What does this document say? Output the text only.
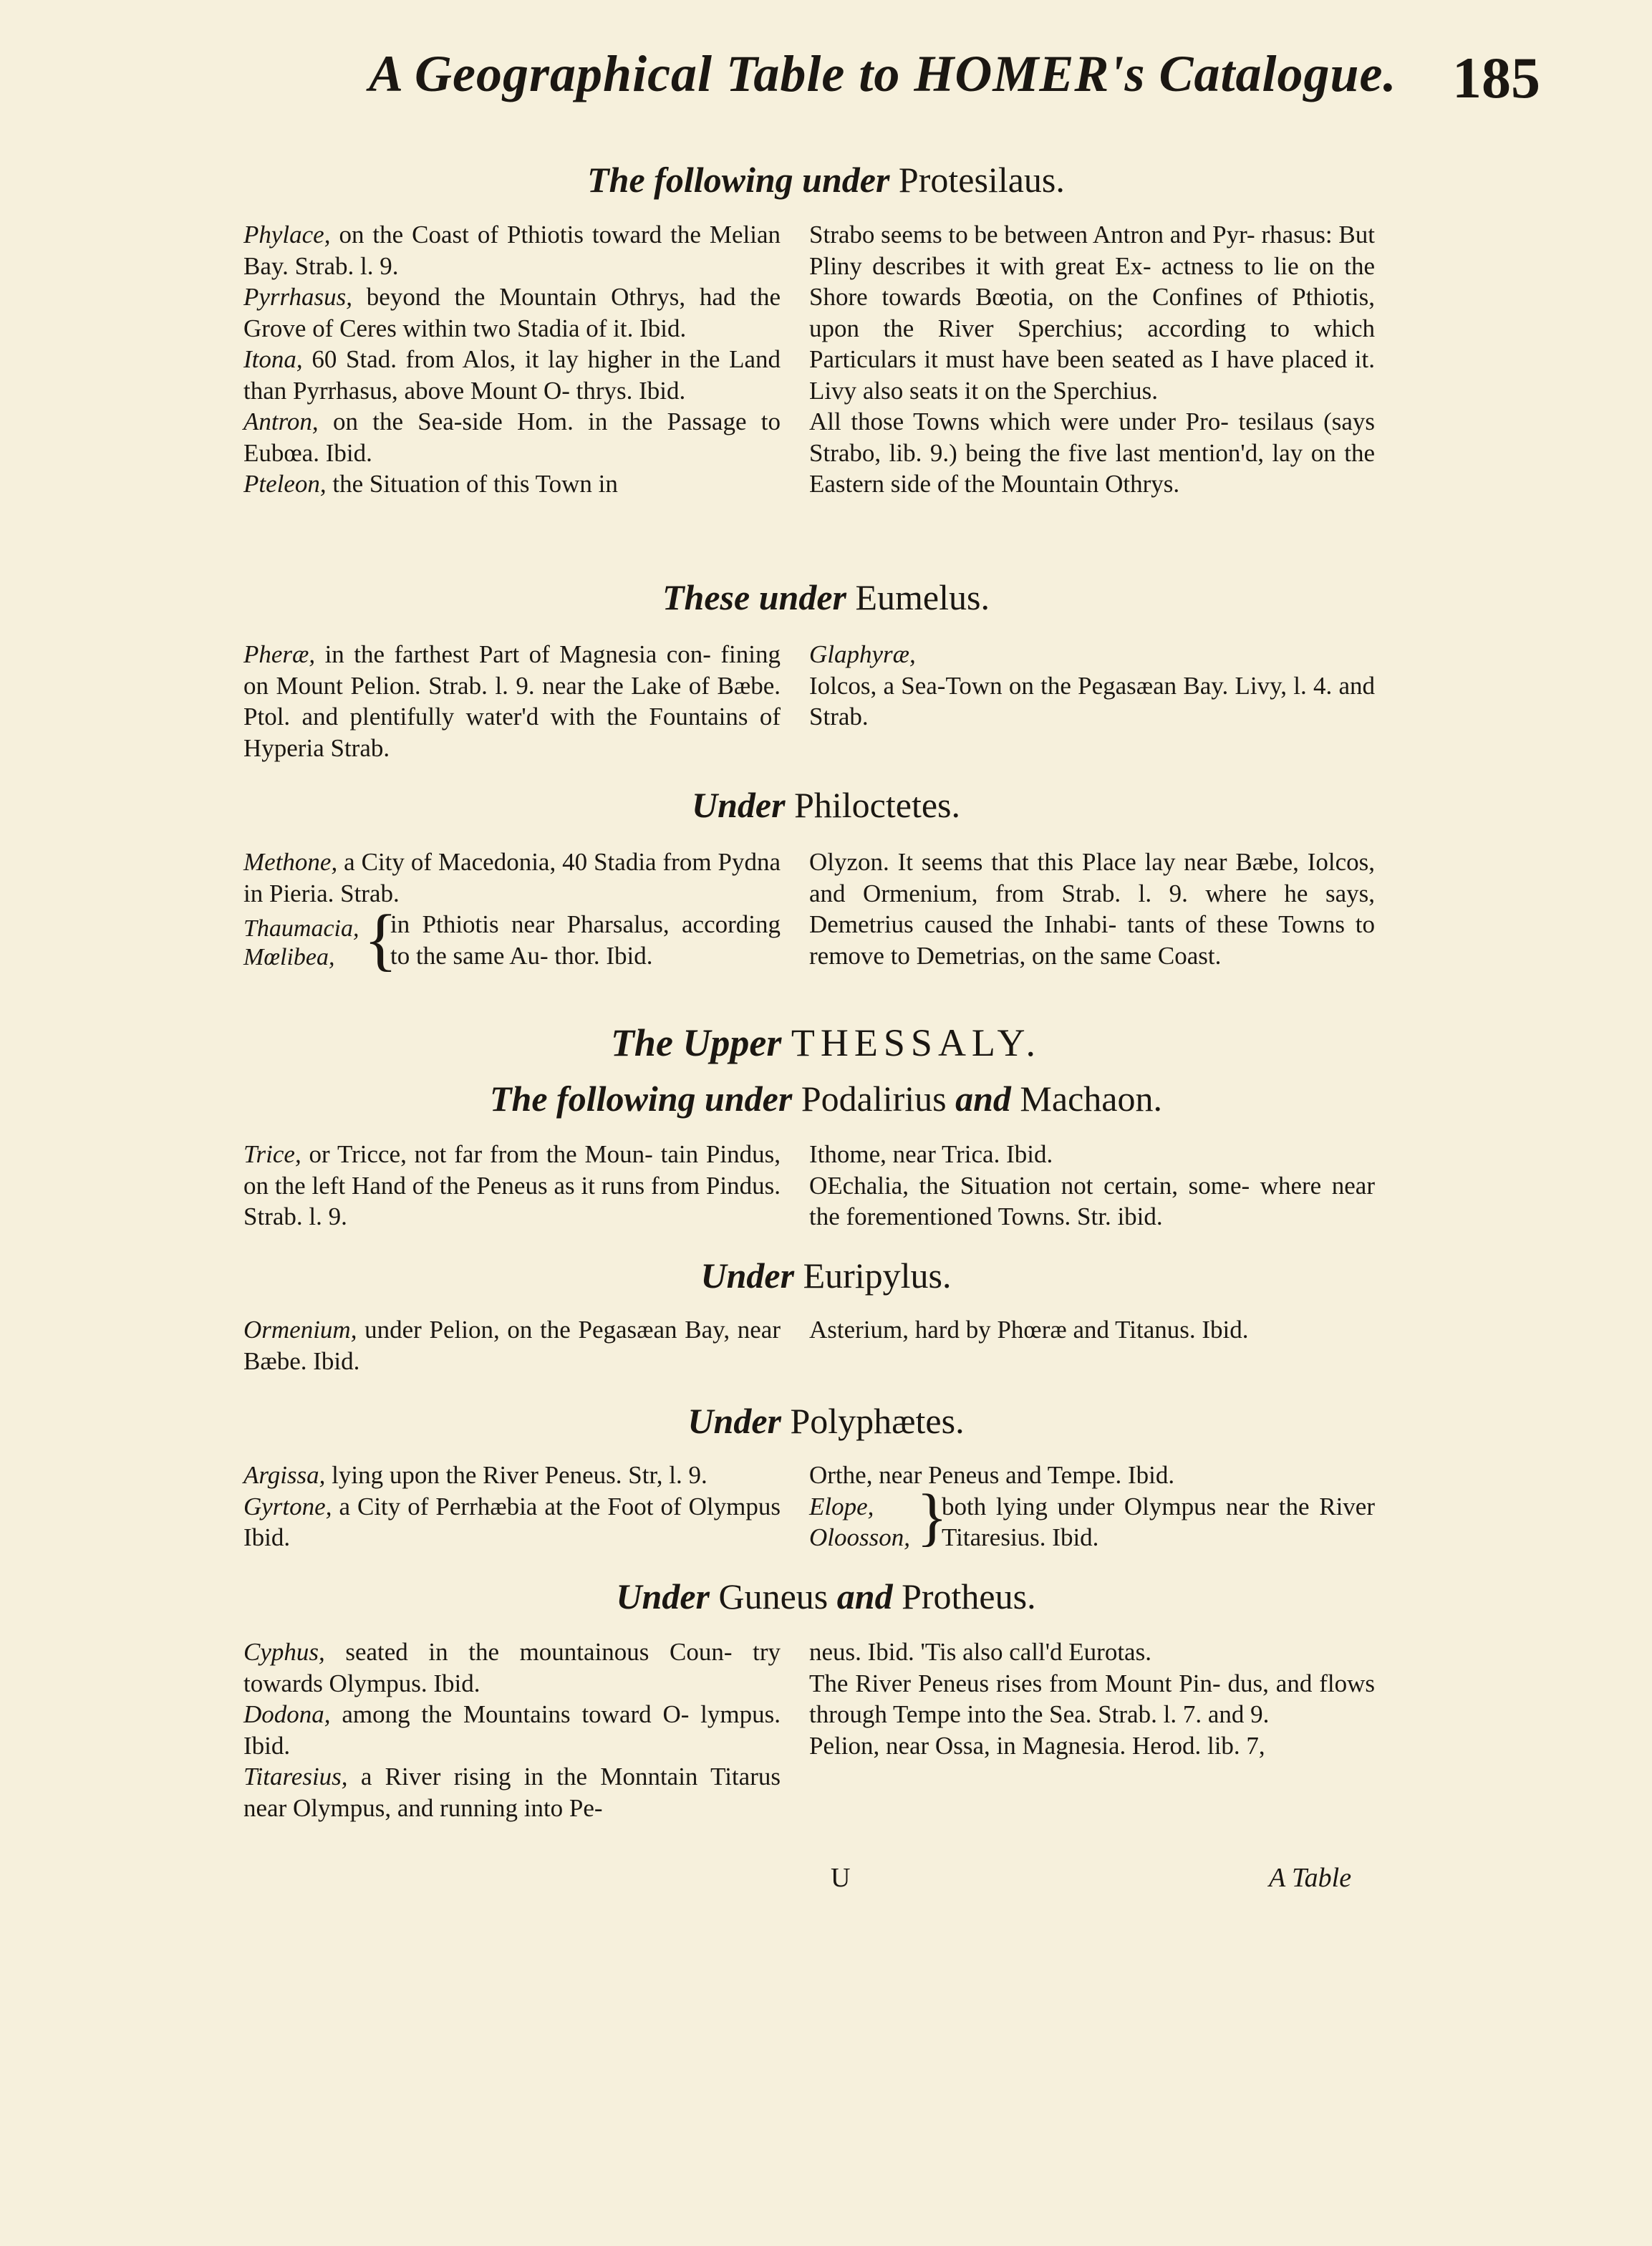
A Geographical Table to HOMER's Catalogue. 185
The following under Protesilaus.

Phylace, on the Coast of Pthiotis toward the Melian Bay. Strab. l. 9.

Pyrrhasus, beyond the Mountain Othrys, had the Grove of Ceres within two Stadia of it. Ibid.

Itona, 60 Stad. from Alos, it lay higher in the Land than Pyrrhasus, above Mount O- thrys. Ibid.

Antron, on the Sea-side Hom. in the Passage to Eubœa. Ibid.

Pteleon, the Situation of this Town in

Strabo seems to be between Antron and Pyr- rhasus: But Pliny describes it with great Ex- actness to lie on the Shore towards Bœotia, on the Confines of Pthiotis, upon the River Sperchius; according to which Particulars it must have been seated as I have placed it. Livy also seats it on the Sperchius.

All those Towns which were under Pro- tesilaus (says Strabo, lib. 9.) being the five last mention'd, lay on the Eastern side of the Mountain Othrys.

These under Eumelus.

Pheræ, in the farthest Part of Magnesia con- fining on Mount Pelion. Strab. l. 9. near the Lake of Bæbe. Ptol. and plentifully water'd with the Fountains of Hyperia Strab.

Glaphyræ,

Iolcos, a Sea-Town on the Pegasæan Bay. Livy, l. 4. and Strab.

Under Philoctetes.

Methone, a City of Macedonia, 40 Stadia from Pydna in Pieria. Strab.

Thaumacia,
Mœlibea, {
in Pthiotis near Pharsalus, according to the same Au- thor. Ibid.

Olyzon. It seems that this Place lay near Bæbe, Iolcos, and Ormenium, from Strab. l. 9. where he says, Demetrius caused the Inhabi- tants of these Towns to remove to Demetrias, on the same Coast.

The Upper THESSALY.
The following under Podalirius and Machaon.

Trice, or Tricce, not far from the Moun- tain Pindus, on the left Hand of the Peneus as it runs from Pindus. Strab. l. 9.

Ithome, near Trica. Ibid.

OEchalia, the Situation not certain, some- where near the forementioned Towns. Str. ibid.

Under Euripylus.

Ormenium, under Pelion, on the Pegasæan Bay, near Bæbe. Ibid.

Asterium, hard by Phœræ and Titanus. Ibid.

Under Polyphætes.

Argissa, lying upon the River Peneus. Str, l. 9.

Gyrtone, a City of Perrhæbia at the Foot of Olympus Ibid.

Orthe, near Peneus and Tempe. Ibid.

Elope,
Oloosson, }
both lying under Olympus near the River Titaresius. Ibid.
Under Guneus and Protheus.

Cyphus, seated in the mountainous Coun- try towards Olympus. Ibid.

Dodona, among the Mountains toward O- lympus. Ibid.

Titaresius, a River rising in the Monntain Titarus near Olympus, and running into Pe-

neus. Ibid. 'Tis also call'd Eurotas.

The River Peneus rises from Mount Pin- dus, and flows through Tempe into the Sea. Strab. l. 7. and 9.

Pelion, near Ossa, in Magnesia. Herod. lib. 7,

U	A Table
